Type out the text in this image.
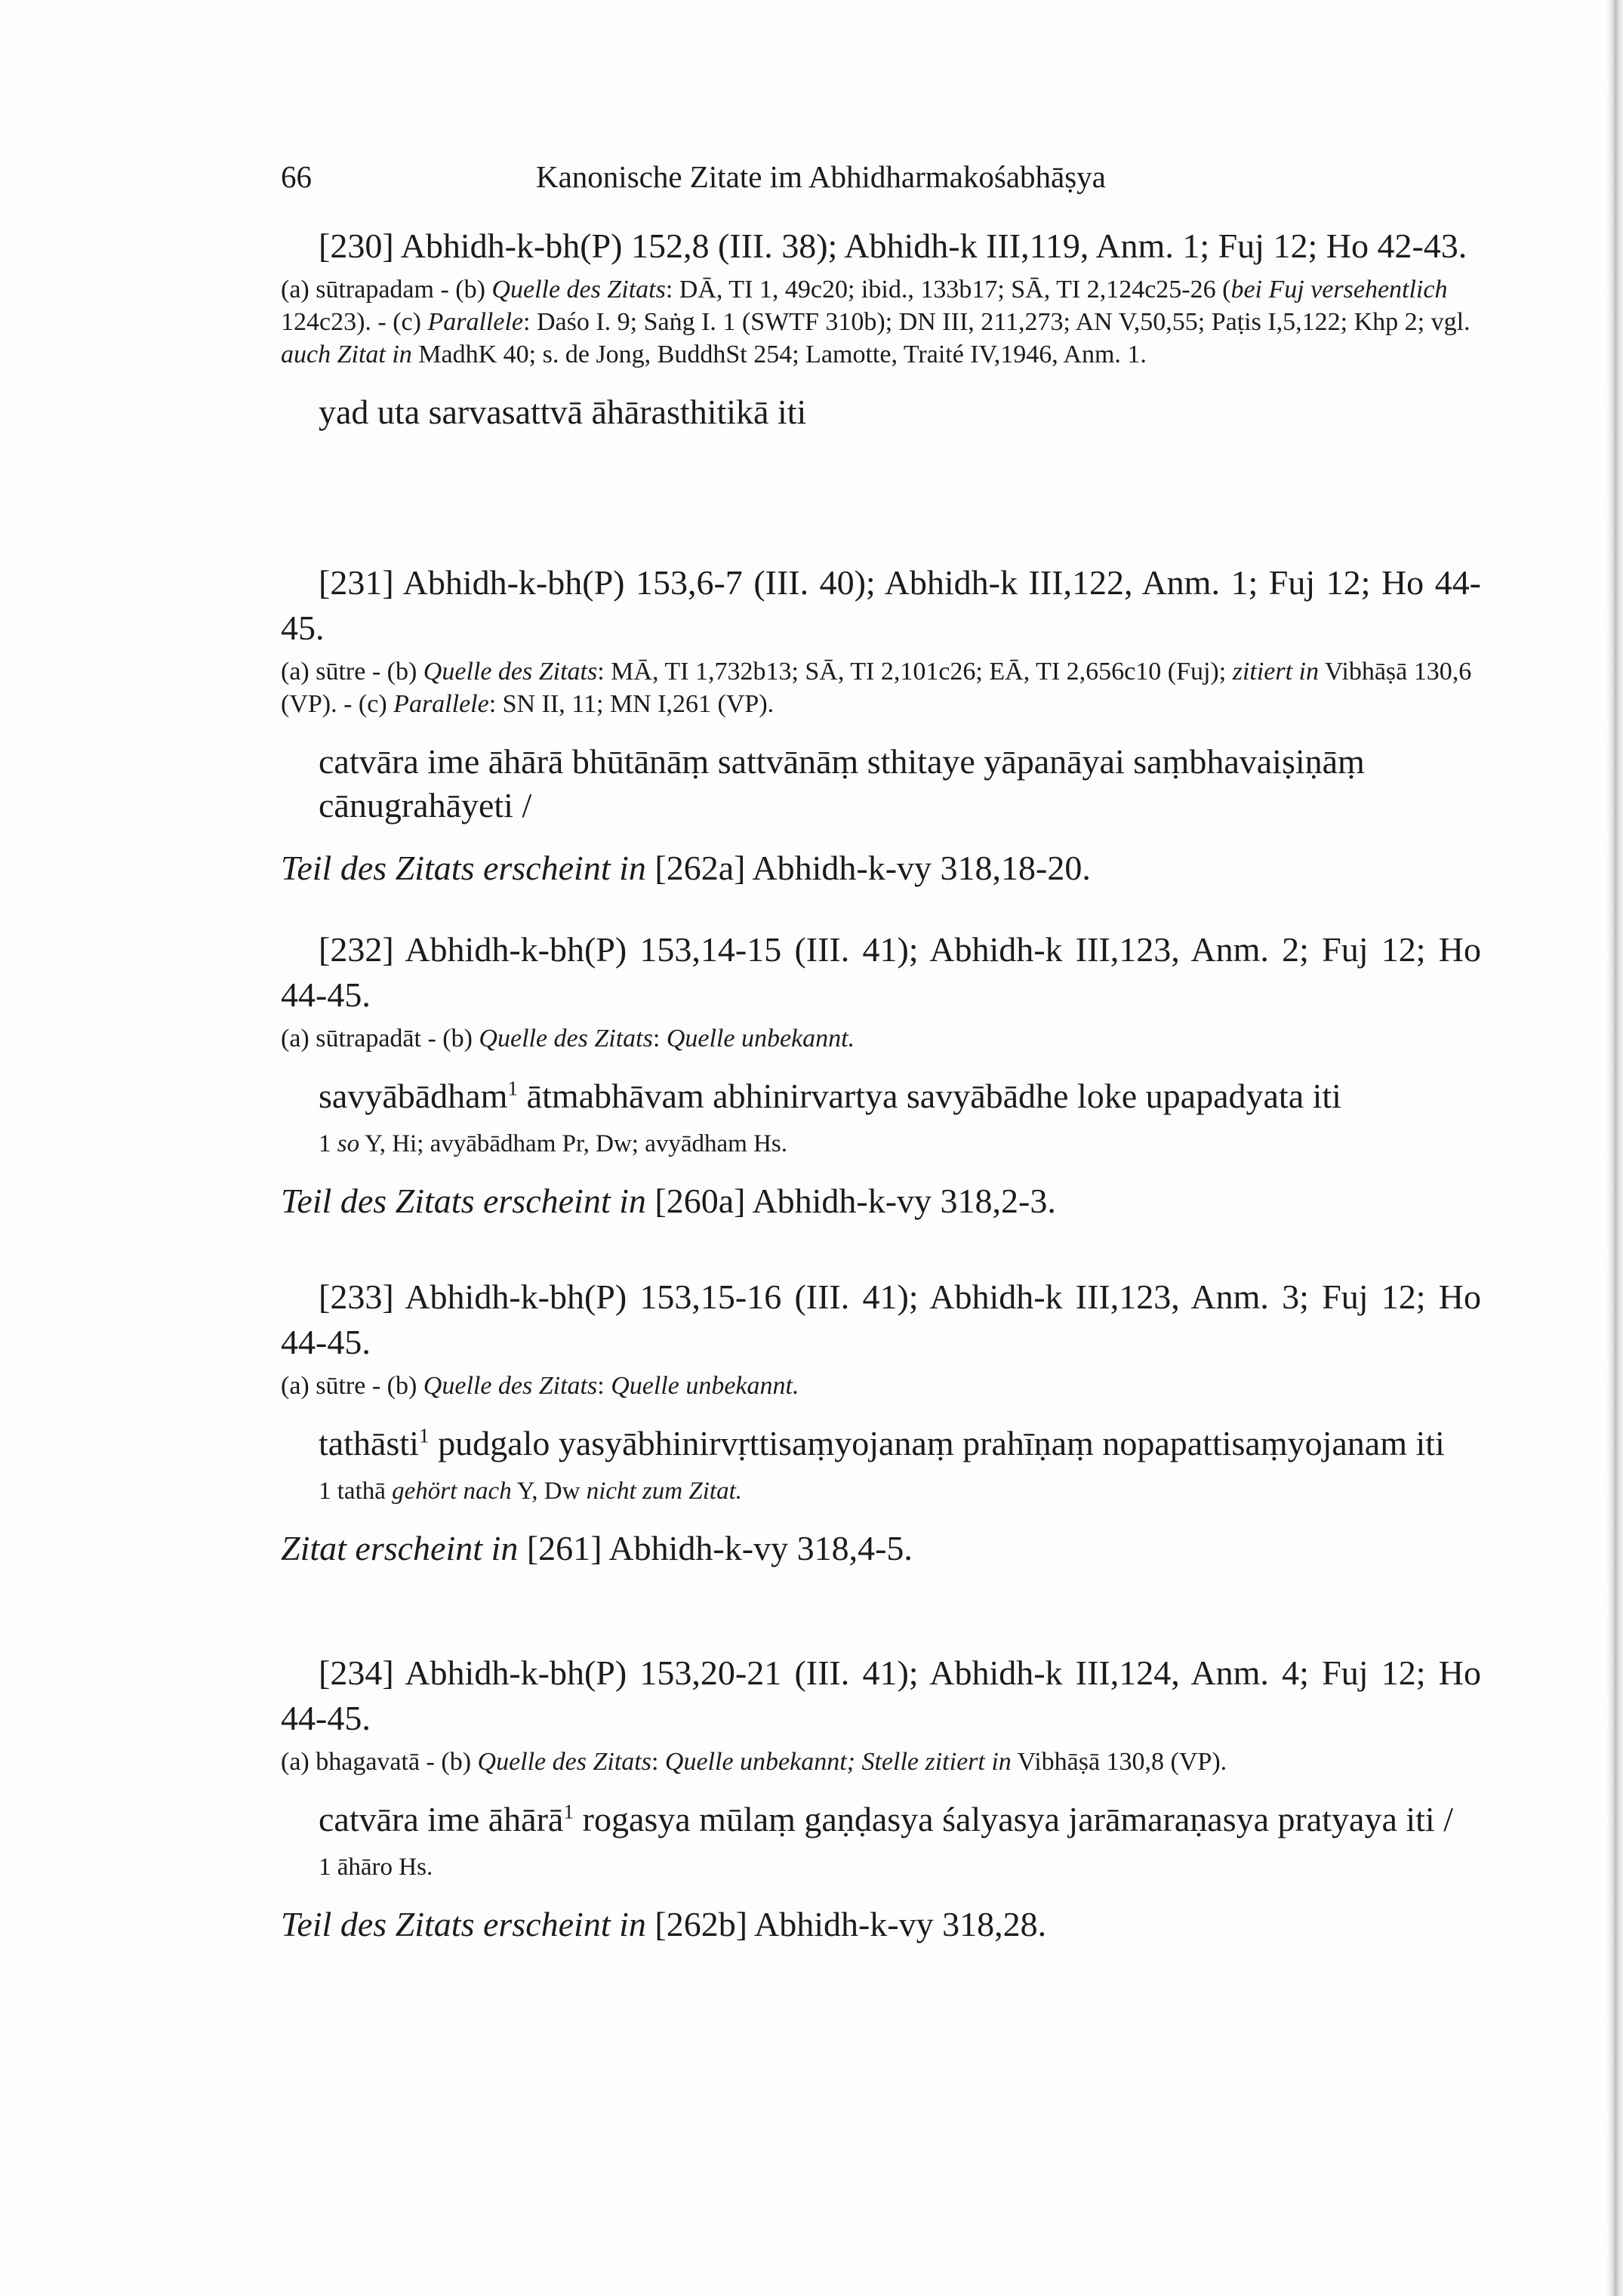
66	Kanonische Zitate im Abhidharmakośabhāṣya

[230] Abhidh-k-bh(P) 152,8 (III. 38); Abhidh-k III,119, Anm. 1; Fuj 12; Ho 42-43.

(a) sūtrapadam - (b) Quelle des Zitats: DĀ, TI 1, 49c20; ibid., 133b17; SĀ, TI 2,124c25-26 (bei Fuj versehentlich 124c23). - (c) Parallele: Daśo I. 9; Saṅg I. 1 (SWTF 310b); DN III, 211,273; AN V,50,55; Paṭis I,5,122; Khp 2; vgl. auch Zitat in MadhK 40; s. de Jong, BuddhSt 254; Lamotte, Traité IV,1946, Anm. 1.

yad uta sarvasattvā āhārasthitikā iti

[231] Abhidh-k-bh(P) 153,6-7 (III. 40); Abhidh-k III,122, Anm. 1; Fuj 12; Ho 44-45.

(a) sūtre - (b) Quelle des Zitats: MĀ, TI 1,732b13; SĀ, TI 2,101c26; EĀ, TI 2,656c10 (Fuj); zitiert in Vibhāṣā 130,6 (VP). - (c) Parallele: SN II, 11; MN I,261 (VP).

catvāra ime āhārā bhūtānāṃ sattvānāṃ sthitaye yāpanāyai saṃbhavaiṣiṇāṃ cānugrahāyeti /

Teil des Zitats erscheint in [262a] Abhidh-k-vy 318,18-20.

[232] Abhidh-k-bh(P) 153,14-15 (III. 41); Abhidh-k III,123, Anm. 2; Fuj 12; Ho 44-45.

(a) sūtrapadāt - (b) Quelle des Zitats: Quelle unbekannt.

savyābādham$^1$ ātmabhāvam abhinirvartya savyābādhe loke upapadyata iti

1 so Y, Hi; avyābādham Pr, Dw; avyādham Hs.

Teil des Zitats erscheint in [260a] Abhidh-k-vy 318,2-3.

[233] Abhidh-k-bh(P) 153,15-16 (III. 41); Abhidh-k III,123, Anm. 3; Fuj 12; Ho 44-45.

(a) sūtre - (b) Quelle des Zitats: Quelle unbekannt.

tathāsti$^1$ pudgalo yasyābhinirvṛttisaṃyojanaṃ prahīṇaṃ nopapattisaṃyojanam iti

1 tathā gehört nach Y, Dw nicht zum Zitat.

Zitat erscheint in [261] Abhidh-k-vy 318,4-5.

[234] Abhidh-k-bh(P) 153,20-21 (III. 41); Abhidh-k III,124, Anm. 4; Fuj 12; Ho 44-45.

(a) bhagavatā - (b) Quelle des Zitats: Quelle unbekannt; Stelle zitiert in Vibhāṣā 130,8 (VP).

catvāra ime āhārā$^1$ rogasya mūlaṃ gaṇḍasya śalyasya jarāmaraṇasya pratyaya iti /

1 āhāro Hs.

Teil des Zitats erscheint in [262b] Abhidh-k-vy 318,28.
